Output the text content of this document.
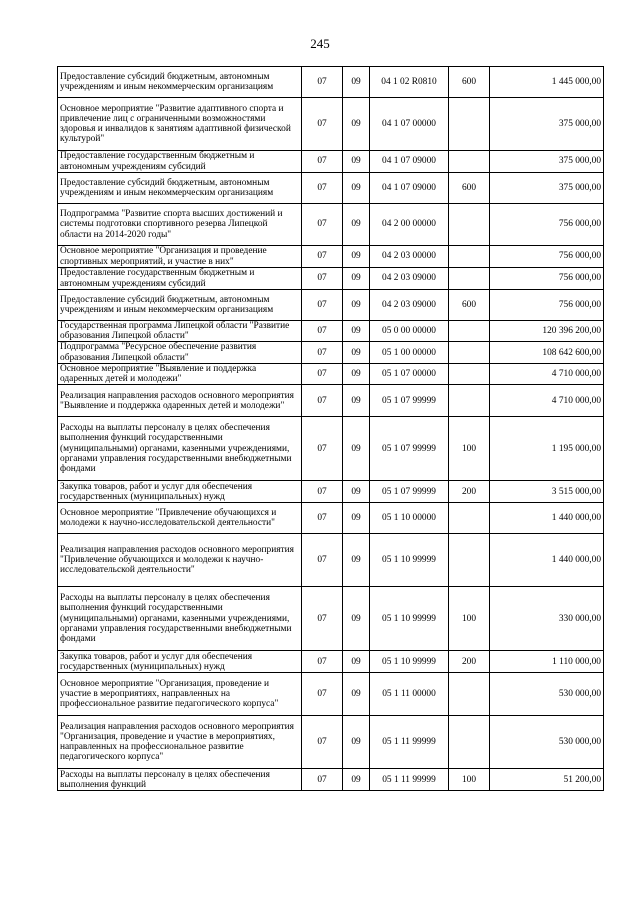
245
Предоставление субсидий бюджетным, автономным учреждениям и иным некоммерческим организациям	07	09	04 1 02 R0810	600	1 445 000,00
Основное мероприятие "Развитие адаптивного спорта и привлечение лиц с ограниченными возможностями здоровья и инвалидов к занятиям адаптивной физической культурой"	07	09	04 1 07 00000		375 000,00
Предоставление государственным бюджетным и автономным учреждениям субсидий	07	09	04 1 07 09000		375 000,00
Предоставление субсидий бюджетным, автономным учреждениям и иным некоммерческим организациям	07	09	04 1 07 09000	600	375 000,00
Подпрограмма "Развитие спорта высших достижений и системы подготовки спортивного резерва Липецкой области на 2014-2020 годы"	07	09	04 2 00 00000		756 000,00
Основное мероприятие "Организация и проведение спортивных мероприятий, и участие в них"	07	09	04 2 03 00000		756 000,00
Предоставление государственным бюджетным и автономным учреждениям субсидий	07	09	04 2 03 09000		756 000,00
Предоставление субсидий бюджетным, автономным учреждениям и иным некоммерческим организациям	07	09	04 2 03 09000	600	756 000,00
Государственная программа Липецкой области "Развитие образования Липецкой области"	07	09	05 0 00 00000		120 396 200,00
Подпрограмма "Ресурсное обеспечение развития образования Липецкой области"	07	09	05 1 00 00000		108 642 600,00
Основное мероприятие "Выявление и поддержка одаренных детей и молодежи"	07	09	05 1 07 00000		4 710 000,00
Реализация направления расходов основного мероприятия "Выявление и поддержка одаренных детей и молодежи"	07	09	05 1 07 99999		4 710 000,00
Расходы на выплаты персоналу в целях обеспечения выполнения функций государственными (муниципальными) органами, казенными учреждениями, органами управления государственными внебюджетными фондами	07	09	05 1 07 99999	100	1 195 000,00
Закупка товаров, работ и услуг для обеспечения государственных (муниципальных) нужд	07	09	05 1 07 99999	200	3 515 000,00
Основное мероприятие "Привлечение обучающихся и молодежи к научно-исследовательской деятельности"	07	09	05 1 10 00000		1 440 000,00
Реализация направления расходов основного мероприятия "Привлечение обучающихся и молодежи к научно-исследовательской деятельности"	07	09	05 1 10 99999		1 440 000,00
Расходы на выплаты персоналу в целях обеспечения выполнения функций государственными (муниципальными) органами, казенными учреждениями, органами управления государственными внебюджетными фондами	07	09	05 1 10 99999	100	330 000,00
Закупка товаров, работ и услуг для обеспечения государственных (муниципальных) нужд	07	09	05 1 10 99999	200	1 110 000,00
Основное мероприятие "Организация, проведение и участие в мероприятиях, направленных на профессиональное развитие педагогического корпуса"	07	09	05 1 11 00000		530 000,00
Реализация направления расходов основного мероприятия "Организация, проведение и участие в мероприятиях, направленных на профессиональное развитие педагогического корпуса"	07	09	05 1 11 99999		530 000,00
Расходы на выплаты персоналу в целях обеспечения выполнения функций	07	09	05 1 11 99999	100	51 200,00
